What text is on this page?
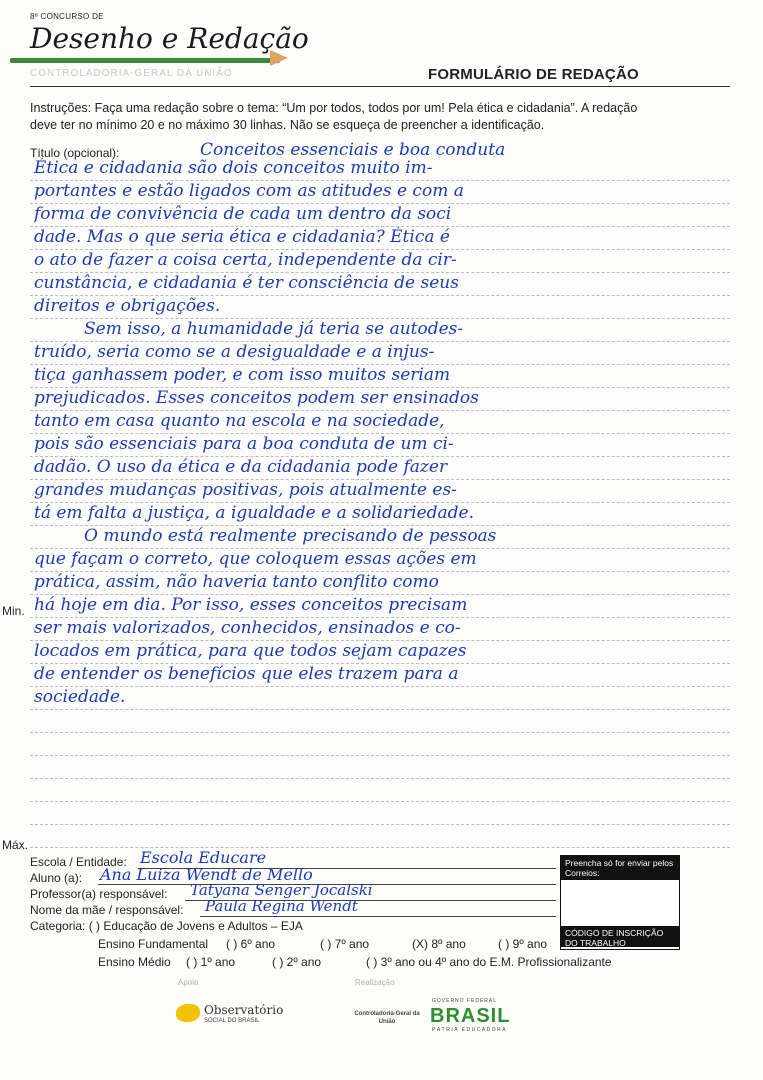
8º CONCURSO DE
Desenho e Redação
CONTROLADORIA-GERAL DA UNIÃO	FORMULÁRIO DE REDAÇÃO
Instruções: Faça uma redação sobre o tema: “Um por todos, todos por um! Pela ética e cidadania”. A redação
deve ter no mínimo 20 e no máximo 30 linhas. Não se esqueça de preencher a identificação.
Título (opcional):	Conceitos essenciais e boa conduta
Ética e cidadania são dois conceitos muito im-
portantes e estão ligados com as atitudes e com a
forma de convivência de cada um dentro da soci
dade. Mas o que seria ética e cidadania? Ética é
o ato de fazer a coisa certa, independente da cir-
cunstância, e cidadania é ter consciência de seus
direitos e obrigações.
Sem isso, a humanidade já teria se autodes-
truído, seria como se a desigualdade e a injus-
tiça ganhassem poder, e com isso muitos seriam
prejudicados. Esses conceitos podem ser ensinados
tanto em casa quanto na escola e na sociedade,
pois são essenciais para a boa conduta de um ci-
dadão. O uso da ética e da cidadania pode fazer
grandes mudanças positivas, pois atualmente es-
tá em falta a justiça, a igualdade e a solidariedade.
O mundo está realmente precisando de pessoas
que façam o correto, que coloquem essas ações em
prática, assim, não haveria tanto conflito como
há hoje em dia. Por isso, esses conceitos precisam
ser mais valorizados, conhecidos, ensinados e co-
locados em prática, para que todos sejam capazes
de entender os benefícios que eles trazem para a
sociedade.
Min.
Máx.
Escola / Entidade: Escola Educare
Aluno (a): Ana Luiza Wendt de Mello
Professor(a) responsável: Tatyana Senger Jocalski
Nome da mãe / responsável: Paula Regina Wendt
Categoria: ( ) Educação de Jovens e Adultos – EJA
Ensino Fundamental ( ) 6º ano	( ) 7º ano	(X) 8º ano	( ) 9º ano
Ensino Médio ( ) 1º ano	( ) 2º ano	( ) 3º ano ou 4º ano do E.M. Profissionalizante
Preencha só for enviar pelos Correios:
CÓDIGO DE INSCRIÇÃO DO TRABALHO
Apoio	Realização
Observatório
SOCIAL DO BRASIL
Controladoria-Geral da União
GOVERNO FEDERAL
BRASIL
PÁTRIA EDUCADORA
